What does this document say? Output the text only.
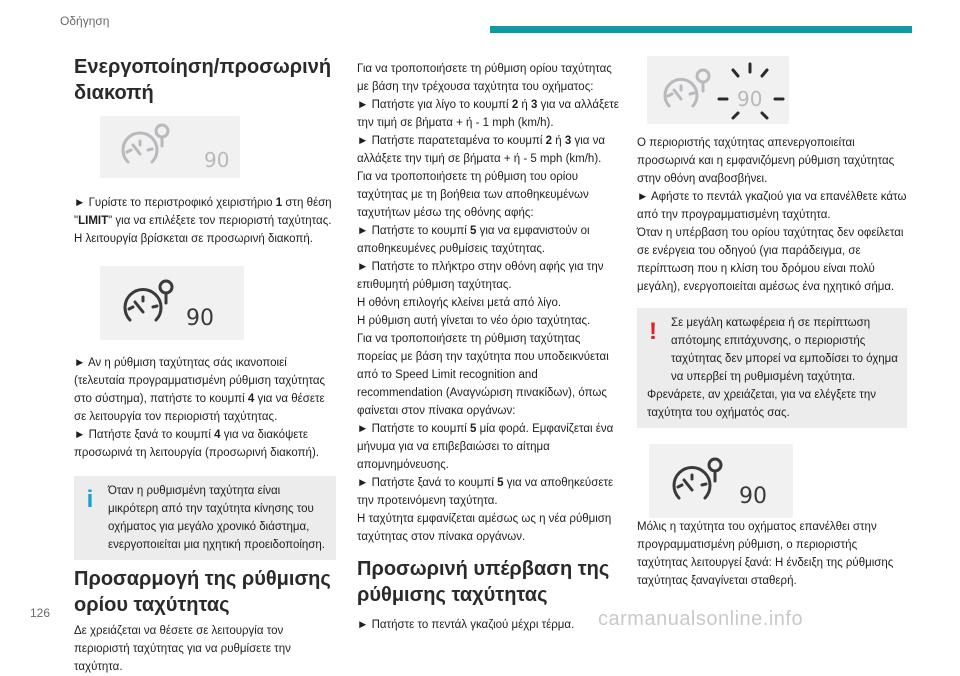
Οδήγηση
Ενεργοποίηση/προσωρινή διακοπή
90

► Γυρίστε το περιστροφικό χειριστήριο 1 στη θέση "LIMIT" για να επιλέξετε τον περιοριστή ταχύτητας. Η λειτουργία βρίσκεται σε προσωρινή διακοπή.

90

► Αν η ρύθμιση ταχύτητας σάς ικανοποιεί (τελευταία προγραμματισμένη ρύθμιση ταχύτητας στο σύστημα), πατήστε το κουμπί 4 για να θέσετε σε λειτουργία τον περιοριστή ταχύτητας.

► Πατήστε ξανά το κουμπί 4 για να διακόψετε προσωρινά τη λειτουργία (προσωρινή διακοπή).

i	Όταν η ρυθμισμένη ταχύτητα είναι μικρότερη από την ταχύτητα κίνησης του οχήματος για μεγάλο χρονικό διάστημα, ενεργοποιείται μια ηχητική προειδοποίηση.

Προσαρμογή της ρύθμισης ορίου ταχύτητας

Δε χρειάζεται να θέσετε σε λειτουργία τον περιοριστή ταχύτητας για να ρυθμίσετε την ταχύτητα.

Για να τροποποιήσετε τη ρύθμιση ορίου ταχύτητας με βάση την τρέχουσα ταχύτητα του οχήματος:

► Πατήστε για λίγο το κουμπί 2 ή 3 για να αλλάξετε την τιμή σε βήματα + ή - 1 mph (km/h).

► Πατήστε παρατεταμένα το κουμπί 2 ή 3 για να αλλάξετε την τιμή σε βήματα + ή - 5 mph (km/h).

Για να τροποποιήσετε τη ρύθμιση του ορίου ταχύτητας με τη βοήθεια των αποθηκευμένων ταχυτήτων μέσω της οθόνης αφής:

► Πατήστε το κουμπί 5 για να εμφανιστούν οι αποθηκευμένες ρυθμίσεις ταχύτητας.

► Πατήστε το πλήκτρο στην οθόνη αφής για την επιθυμητή ρύθμιση ταχύτητας.

Η οθόνη επιλογής κλείνει μετά από λίγο.

Η ρύθμιση αυτή γίνεται το νέο όριο ταχύτητας.

Για να τροποποιήσετε τη ρύθμιση ταχύτητας πορείας με βάση την ταχύτητα που υποδεικνύεται από το Speed Limit recognition and recommendation (Αναγνώριση πινακίδων), όπως φαίνεται στον πίνακα οργάνων:

► Πατήστε το κουμπί 5 μία φορά. Εμφανίζεται ένα μήνυμα για να επιβεβαιώσει το αίτημα απομνημόνευσης.

► Πατήστε ξανά το κουμπί 5 για να αποθηκεύσετε την προτεινόμενη ταχύτητα.

Η ταχύτητα εμφανίζεται αμέσως ως η νέα ρύθμιση ταχύτητας στον πίνακα οργάνων.

Προσωρινή υπέρβαση της ρύθμισης ταχύτητας

► Πατήστε το πεντάλ γκαζιού μέχρι τέρμα.

90

Ο περιοριστής ταχύτητας απενεργοποιείται προσωρινά και η εμφανιζόμενη ρύθμιση ταχύτητας στην οθόνη αναβοσβήνει.

► Αφήστε το πεντάλ γκαζιού για να επανέλθετε κάτω από την προγραμματισμένη ταχύτητα.

Όταν η υπέρβαση του ορίου ταχύτητας δεν οφείλεται σε ενέργεια του οδηγού (για παράδειγμα, σε περίπτωση που η κλίση του δρόμου είναι πολύ μεγάλη), ενεργοποιείται αμέσως ένα ηχητικό σήμα.

!	Σε μεγάλη κατωφέρεια ή σε περίπτωση απότομης επιτάχυνσης, ο περιοριστής ταχύτητας δεν μπορεί να εμποδίσει το όχημα να υπερβεί τη ρυθμισμένη ταχύτητα.

Φρενάρετε, αν χρειάζεται, για να ελέγξετε την ταχύτητα του οχήματός σας.

90

Μόλις η ταχύτητα του οχήματος επανέλθει στην προγραμματισμένη ρύθμιση, ο περιοριστής ταχύτητας λειτουργεί ξανά: Η ένδειξη της ρύθμισης ταχύτητας ξαναγίνεται σταθερή.

126	carmanualsonline.info
